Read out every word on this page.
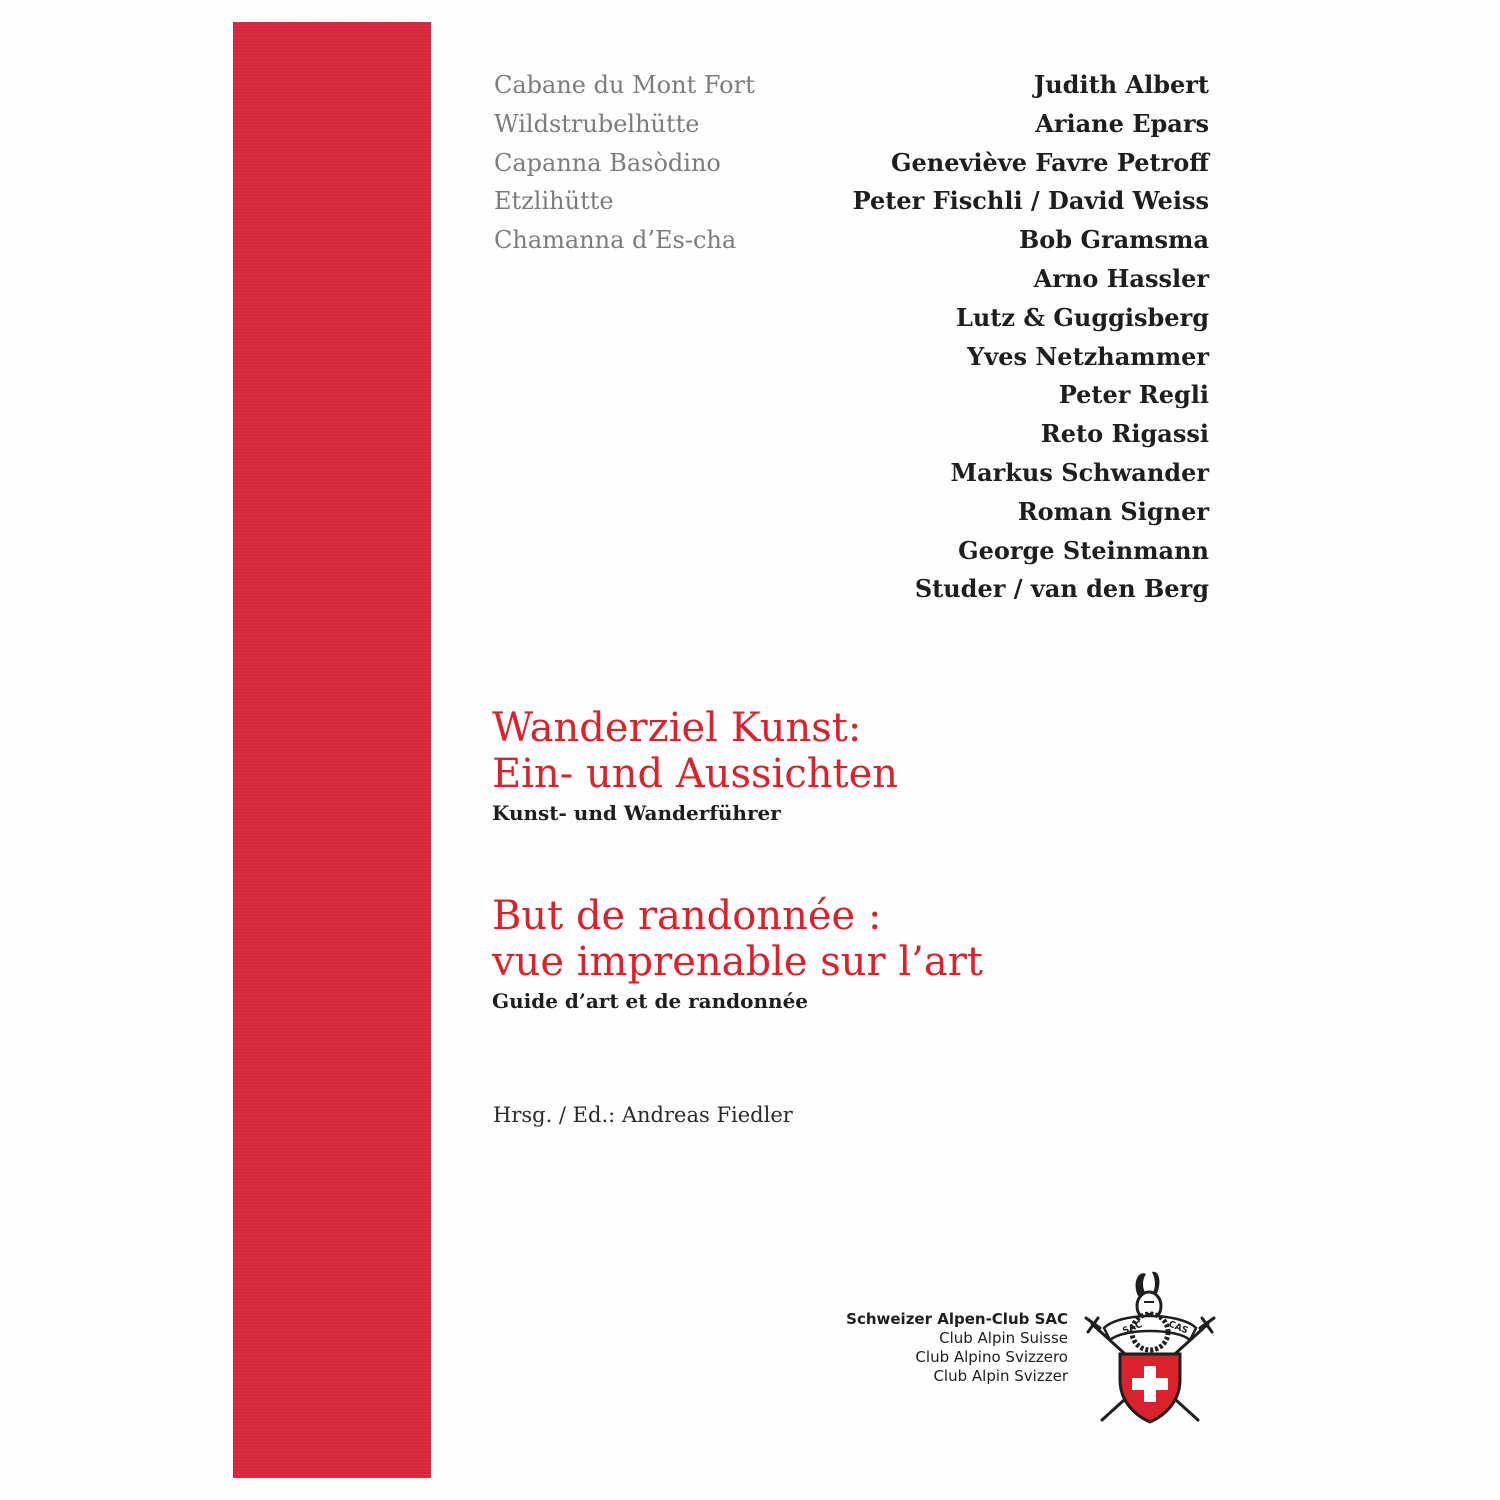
Cabane du Mont Fort
Wildstrubelhütte
Capanna Basòdino
Etzlihütte
Chamanna d’Es-cha
Judith Albert
Ariane Epars
Geneviève Favre Petroff
Peter Fischli / David Weiss
Bob Gramsma
Arno Hassler
Lutz & Guggisberg
Yves Netzhammer
Peter Regli
Reto Rigassi
Markus Schwander
Roman Signer
George Steinmann
Studer / van den Berg
Wanderziel Kunst:
Ein- und Aussichten
Kunst- und Wanderführer
But de randonnée :
vue imprenable sur l’art
Guide d’art et de randonnée
Hrsg. / Ed.: Andreas Fiedler
Schweizer Alpen-Club SAC
Club Alpin Suisse
Club Alpino Svizzero
Club Alpin Svizzer
SAC	CAS
